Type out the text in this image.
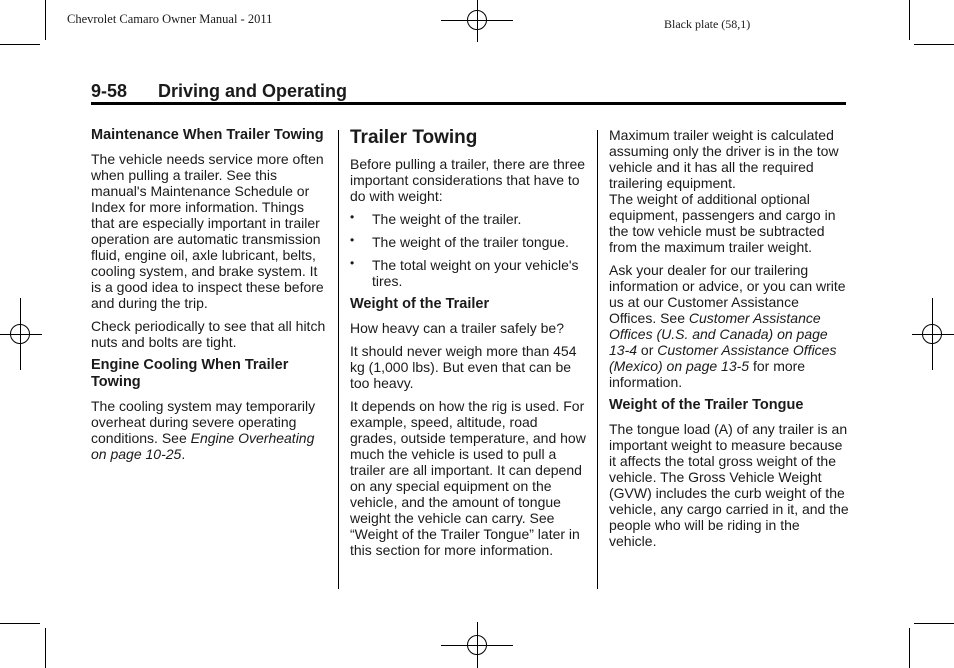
Chevrolet Camaro Owner Manual - 2011	Black plate (58,1)
9-58 Driving and Operating
Maintenance When Trailer Towing

The vehicle needs service more often when pulling a trailer. See this manual's Maintenance Schedule or Index for more information. Things that are especially important in trailer operation are automatic transmission fluid, engine oil, axle lubricant, belts, cooling system, and brake system. It is a good idea to inspect these before and during the trip.

Check periodically to see that all hitch nuts and bolts are tight.

Engine Cooling When Trailer Towing

The cooling system may temporarily overheat during severe operating conditions. See Engine Overheating on page 10-25.

Trailer Towing

Before pulling a trailer, there are three important considerations that have to do with weight:

• The weight of the trailer.
• The weight of the trailer tongue.
• The total weight on your vehicle's tires.
Weight of the Trailer

How heavy can a trailer safely be?

It should never weigh more than 454 kg (1,000 lbs). But even that can be too heavy.

It depends on how the rig is used. For example, speed, altitude, road grades, outside temperature, and how much the vehicle is used to pull a trailer are all important. It can depend on any special equipment on the vehicle, and the amount of tongue weight the vehicle can carry. See “Weight of the Trailer Tongue” later in this section for more information.

Maximum trailer weight is calculated assuming only the driver is in the tow vehicle and it has all the required trailering equipment.

The weight of additional optional equipment, passengers and cargo in the tow vehicle must be subtracted from the maximum trailer weight.

Ask your dealer for our trailering information or advice, or you can write us at our Customer Assistance Offices. See Customer Assistance Offices (U.S. and Canada) on page 13-4 or Customer Assistance Offices (Mexico) on page 13-5 for more information.

Weight of the Trailer Tongue

The tongue load (A) of any trailer is an important weight to measure because it affects the total gross weight of the vehicle. The Gross Vehicle Weight (GVW) includes the curb weight of the vehicle, any cargo carried in it, and the people who will be riding in the vehicle.
